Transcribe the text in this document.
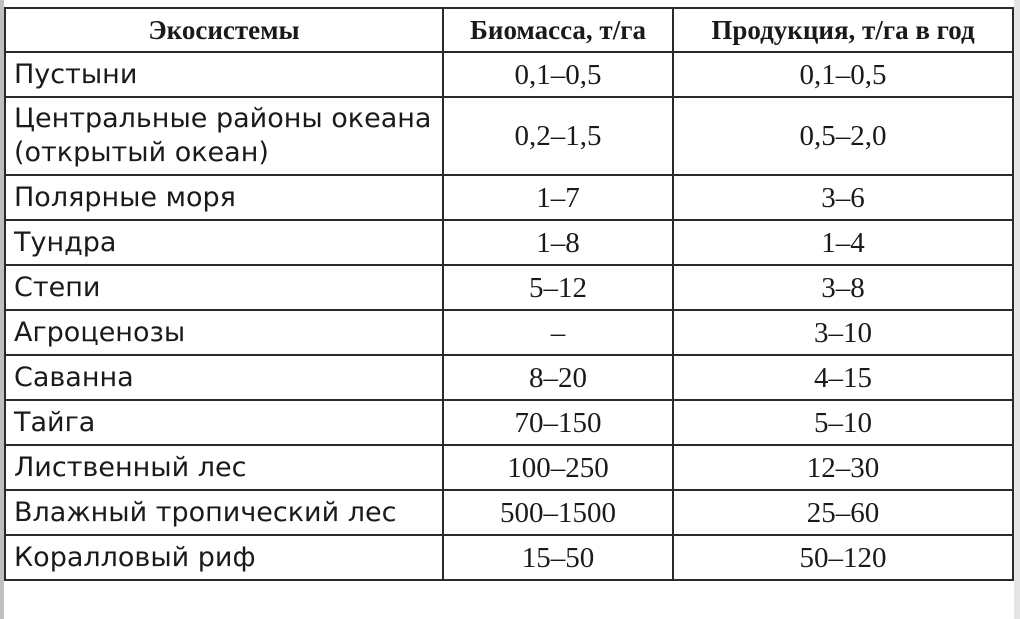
Экосистемы	Биомасса, т/га	Продукция, т/га в год
Пустыни	0,1–0,5	0,1–0,5
Центральные районы океана (открытый океан)	0,2–1,5	0,5–2,0
Полярные моря	1–7	3–6
Тундра	1–8	1–4
Степи	5–12	3–8
Агроценозы	–	3–10
Саванна	8–20	4–15
Тайга	70–150	5–10
Лиственный лес	100–250	12–30
Влажный тропический лес	500–1500	25–60
Коралловый риф	15–50	50–120
